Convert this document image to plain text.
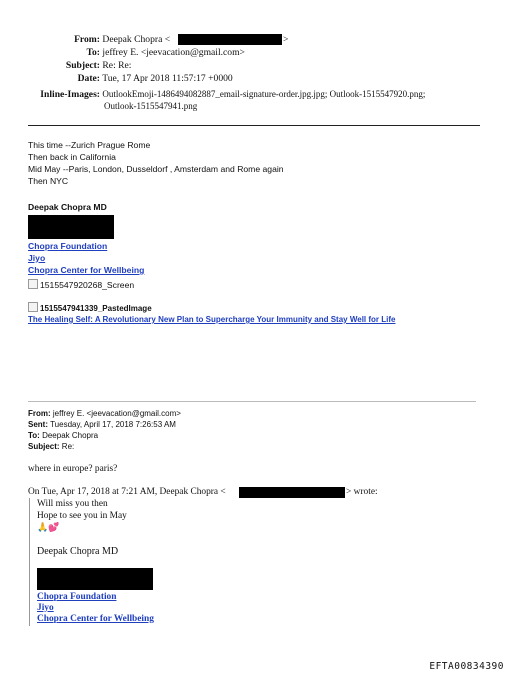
From: Deepak Chopra <	>
To: jeffrey E. <jeevacation@gmail.com>
Subject: Re: Re:
Date: Tue, 17 Apr 2018 11:57:17 +0000
Inline-Images: OutlookEmoji-1486494082887_email-signature-order.jpg.jpg; Outlook-1515547920.png;
Outlook-1515547941.png
This time --Zurich Prague Rome
Then back in California
Mid May --Paris, London, Dusseldorf , Amsterdam and Rome again
Then NYC
Deepak Chopra MD
Chopra Foundation
Jiyo
Chopra Center for Wellbeing
1515547920268_Screen
1515547941339_PastedImage
The Healing Self: A Revolutionary New Plan to Supercharge Your Immunity and Stay Well for Life
From: jeffrey E. <jeevacation@gmail.com>
Sent: Tuesday, April 17, 2018 7:26:53 AM
To: Deepak Chopra
Subject: Re:
where in europe? paris?
On Tue, Apr 17, 2018 at 7:21 AM, Deepak Chopra <	> wrote:
Will miss you then
Hope to see you in May
🙏💕
Deepak Chopra MD
Chopra Foundation
Jiyo
Chopra Center for Wellbeing
EFTA00834390
